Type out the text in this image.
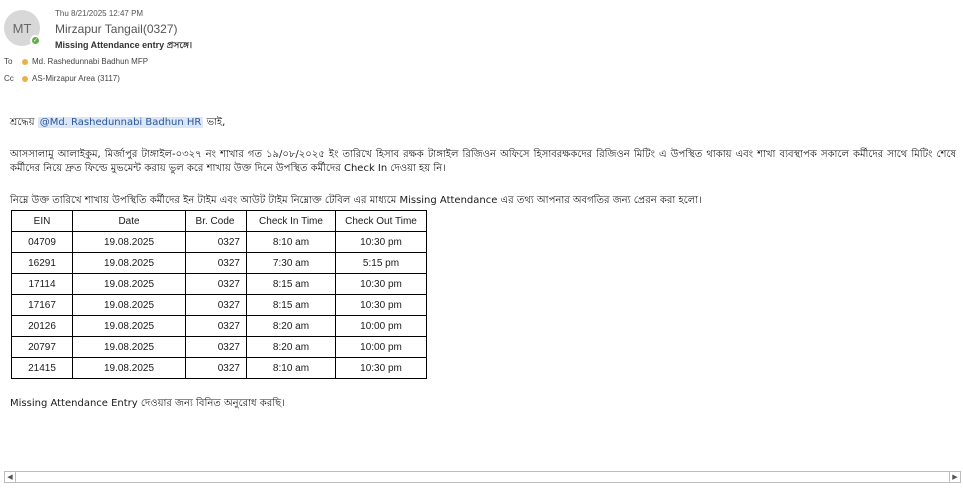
MT
✓
Thu 8/21/2025 12:47 PM
Mirzapur Tangail(0327)
Missing Attendance entry প্রসঙ্গে।
To	Md. Rashedunnabi Badhun MFP
Cc	AS-Mirzapur Area (3117)

শ্রদ্ধেয় @Md. Rashedunnabi Badhun HR ভাই,

আসসালামু আলাইকুম, মির্জাপুর টাঙ্গাইল-০৩২৭ নং শাখার গত ১৯/০৮/২০২৫ ইং তারিখে হিসাব রক্ষক টাঙ্গাইল রিজিওন অফিসে হিসাবরক্ষকদের রিজিওন মিটিং এ উপস্থিত থাকায় এবং শাখা ব্যবস্থাপক সকালে কর্মীদের সাথে মিটিং শেষে কর্মীদের নিয়ে দ্রুত ফিল্ডে মুভমেন্ট করায় ভুল করে শাখায় উক্ত দিনে উপস্থিত কর্মীদের Check In দেওয়া হয় নি।

নিম্নে উক্ত তারিখে শাখায় উপস্থিতি কর্মীদের ইন টাইম এবং আউট টাইম নিম্নোক্ত টেবিল এর মাধ্যমে Missing Attendance এর তথ্য আপনার অবগতির জন্য প্রেরন করা হলো।

EIN	Date	Br. Code	Check In Time	Check Out Time
04709	19.08.2025	0327	8:10 am	10:30 pm
16291	19.08.2025	0327	7:30 am	5:15 pm
17114	19.08.2025	0327	8:15 am	10:30 pm
17167	19.08.2025	0327	8:15 am	10:30 pm
20126	19.08.2025	0327	8:20 am	10:00 pm
20797	19.08.2025	0327	8:20 am	10:00 pm
21415	19.08.2025	0327	8:10 am	10:30 pm
Missing Attendance Entry দেওয়ার জন্য বিনিত অনুরোধ করছি।
◀	▶
